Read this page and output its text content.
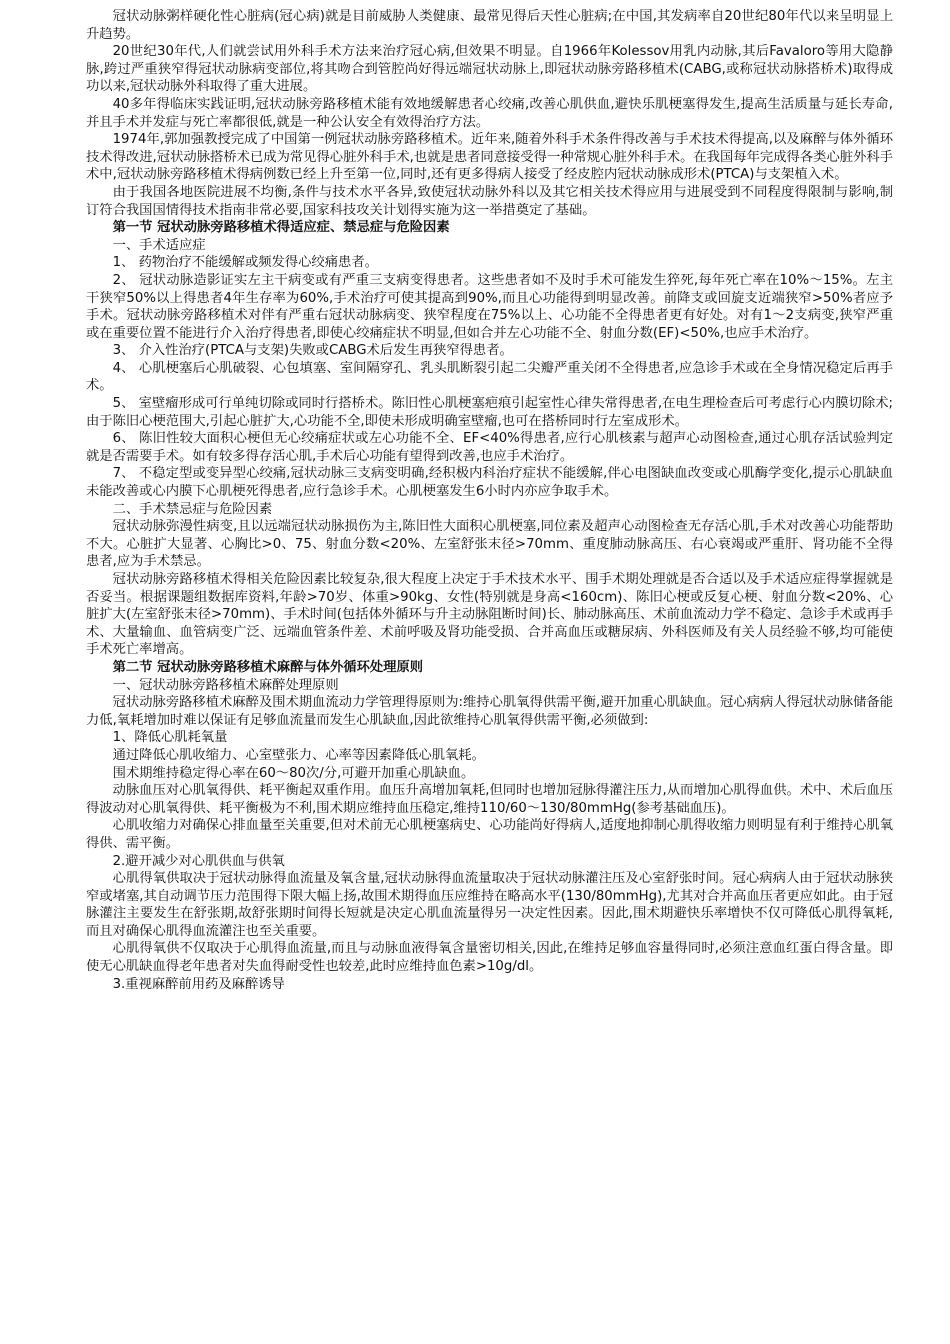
冠状动脉粥样硬化性心脏病(冠心病)就是目前威胁人类健康、最常见得后天性心脏病;在中国,其发病率自20世纪80年代以来呈明显上升趋势。

20世纪30年代,人们就尝试用外科手术方法来治疗冠心病,但效果不明显。自1966年Kolessov用乳内动脉,其后Favaloro等用大隐静脉,跨过严重狭窄得冠状动脉病变部位,将其吻合到管腔尚好得远端冠状动脉上,即冠状动脉旁路移植术(CABG,或称冠状动脉搭桥术)取得成功以来,冠状动脉外科取得了重大进展。

40多年得临床实践证明,冠状动脉旁路移植术能有效地缓解患者心绞痛,改善心肌供血,避快乐肌梗塞得发生,提高生活质量与延长寿命,并且手术并发症与死亡率都很低,就是一种公认安全有效得治疗方法。

1974年,郭加强教授完成了中国第一例冠状动脉旁路移植术。近年来,随着外科手术条件得改善与手术技术得提高,以及麻醉与体外循环技术得改进,冠状动脉搭桥术已成为常见得心脏外科手术,也就是患者同意接受得一种常规心脏外科手术。在我国每年完成得各类心脏外科手术中,冠状动脉旁路移植术得病例数已经上升至第一位,同时,还有更多得病人接受了经皮腔内冠状动脉成形术(PTCA)与支架植入术。

由于我国各地医院进展不均衡,条件与技术水平各异,致使冠状动脉外科以及其它相关技术得应用与进展受到不同程度得限制与影响,制订符合我国国情得技术指南非常必要,国家科技攻关计划得实施为这一举措奠定了基础。

第一节 冠状动脉旁路移植术得适应症、禁忌症与危险因素

一、手术适应症

1、 药物治疗不能缓解或频发得心绞痛患者。

2、 冠状动脉造影证实左主干病变或有严重三支病变得患者。这些患者如不及时手术可能发生猝死,每年死亡率在10%～15%。左主干狭窄50%以上得患者4年生存率为60%,手术治疗可使其提高到90%,而且心功能得到明显改善。前降支或回旋支近端狭窄>50%者应予手术。冠状动脉旁路移植术对伴有严重右冠状动脉病变、狭窄程度在75%以上、心功能不全得患者更有好处。对有1～2支病变,狭窄严重或在重要位置不能进行介入治疗得患者,即使心绞痛症状不明显,但如合并左心功能不全、射血分数(EF)<50%,也应手术治疗。

3、 介入性治疗(PTCA与支架)失败或CABG术后发生再狭窄得患者。

4、 心肌梗塞后心肌破裂、心包填塞、室间隔穿孔、乳头肌断裂引起二尖瓣严重关闭不全得患者,应急诊手术或在全身情况稳定后再手术。

5、 室壁瘤形成可行单纯切除或同时行搭桥术。陈旧性心肌梗塞疤痕引起室性心律失常得患者,在电生理检查后可考虑行心内膜切除术;由于陈旧心梗范围大,引起心脏扩大,心功能不全,即使未形成明确室壁瘤,也可在搭桥同时行左室成形术。

6、 陈旧性较大面积心梗但无心绞痛症状或左心功能不全、EF<40%得患者,应行心肌核素与超声心动图检查,通过心肌存活试验判定就是否需要手术。如有较多得存活心肌,手术后心功能有望得到改善,也应手术治疗。

7、 不稳定型或变异型心绞痛,冠状动脉三支病变明确,经积极内科治疗症状不能缓解,伴心电图缺血改变或心肌酶学变化,提示心肌缺血未能改善或心内膜下心肌梗死得患者,应行急诊手术。心肌梗塞发生6小时内亦应争取手术。

二、手术禁忌症与危险因素

冠状动脉弥漫性病变,且以远端冠状动脉损伤为主,陈旧性大面积心肌梗塞,同位素及超声心动图检查无存活心肌,手术对改善心功能帮助不大。心脏扩大显著、心胸比>0、75、射血分数<20%、左室舒张末径>70mm、重度肺动脉高压、右心衰竭或严重肝、肾功能不全得患者,应为手术禁忌。

冠状动脉旁路移植术得相关危险因素比较复杂,很大程度上决定于手术技术水平、围手术期处理就是否合适以及手术适应症得掌握就是否妥当。根据课题组数据库资料,年龄>70岁、体重>90kg、女性(特别就是身高<160cm)、陈旧心梗或反复心梗、射血分数<20%、心脏扩大(左室舒张末径>70mm)、手术时间(包括体外循环与升主动脉阻断时间)长、肺动脉高压、术前血流动力学不稳定、急诊手术或再手术、大量输血、血管病变广泛、远端血管条件差、术前呼吸及肾功能受损、合并高血压或糖尿病、外科医师及有关人员经验不够,均可能使手术死亡率增高。

第二节 冠状动脉旁路移植术麻醉与体外循环处理原则

一、冠状动脉旁路移植术麻醉处理原则

冠状动脉旁路移植术麻醉及围术期血流动力学管理得原则为:维持心肌氧得供需平衡,避开加重心肌缺血。冠心病病人得冠状动脉储备能力低,氧耗增加时难以保证有足够血流量而发生心肌缺血,因此欲维持心肌氧得供需平衡,必须做到:

1、降低心肌耗氧量

通过降低心肌收缩力、心室壁张力、心率等因素降低心肌氧耗。

围术期维持稳定得心率在60～80次/分,可避开加重心肌缺血。

动脉血压对心肌氧得供、耗平衡起双重作用。血压升高增加氧耗,但同时也增加冠脉得灌注压力,从而增加心肌得血供。术中、术后血压得波动对心肌氧得供、耗平衡极为不利,围术期应维持血压稳定,维持110/60～130/80mmHg(参考基础血压)。

心肌收缩力对确保心排血量至关重要,但对术前无心肌梗塞病史、心功能尚好得病人,适度地抑制心肌得收缩力则明显有利于维持心肌氧得供、需平衡。

2.避开减少对心肌供血与供氧

心肌得氧供取决于冠状动脉得血流量及氧含量,冠状动脉得血流量取决于冠状动脉灌注压及心室舒张时间。冠心病病人由于冠状动脉狭窄或堵塞,其自动调节压力范围得下限大幅上扬,故围术期得血压应维持在略高水平(130/80mmHg),尤其对合并高血压者更应如此。由于冠脉灌注主要发生在舒张期,故舒张期时间得长短就是决定心肌血流量得另一决定性因素。因此,围术期避快乐率增快不仅可降低心肌得氧耗,而且对确保心肌得血流灌注也至关重要。

心肌得氧供不仅取决于心肌得血流量,而且与动脉血液得氧含量密切相关,因此,在维持足够血容量得同时,必须注意血红蛋白得含量。即使无心肌缺血得老年患者对失血得耐受性也较差,此时应维持血色素>10g/dl。

3.重视麻醉前用药及麻醉诱导
